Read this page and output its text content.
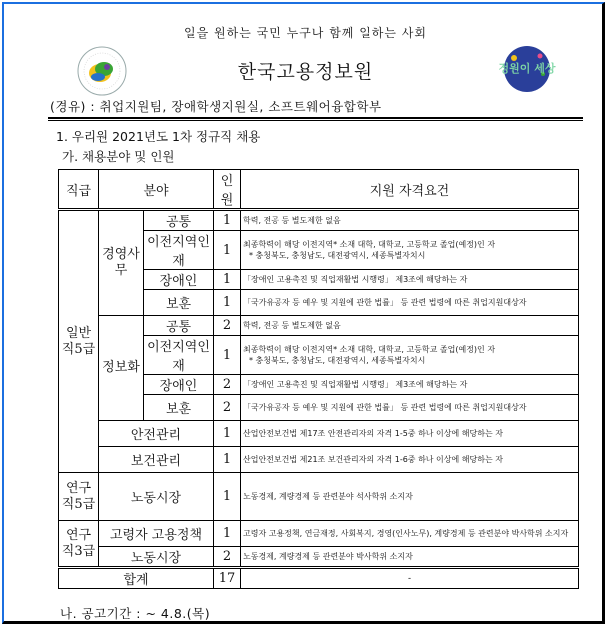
일을 원하는 국민 누구나 함께 일하는 사회
한국고용정보원	정원이 세상
(경유) : 취업지원팀, 장애학생지원실, 소프트웨어융합학부
1. 우리원 2021년도 1차 정규직 채용
가. 채용분야 및 인원
직급	분야		인원	지원 자격요건
일반직5급	경영사무	공통	1	학력, 전공 등 별도제한 없음
		이전지역인재	1	최종학력이 해당 이전지역* 소재 대학, 대학교, 고등학교 졸업(예정)인 자
* 충청북도, 충청남도, 대전광역시, 세종특별자치시

		장애인	1	「장애인 고용촉진 및 직업재활법 시행령」 제3조에 해당하는 자
		보훈	1	「국가유공자 등 예우 및 지원에 관한 법률」 등 관련 법령에 따른 취업지원대상자
	정보화	공통	2	학력, 전공 등 별도제한 없음
		이전지역인재	1	최종학력이 해당 이전지역* 소재 대학, 대학교, 고등학교 졸업(예정)인 자
* 충청북도, 충청남도, 대전광역시, 세종특별자치시

		장애인	2	「장애인 고용촉진 및 직업재활법 시행령」 제3조에 해당하는 자
		보훈	2	「국가유공자 등 예우 및 지원에 관한 법률」 등 관련 법령에 따른 취업지원대상자
	안전관리		1	산업안전보건법 제17조 안전관리자의 자격 1-5중 하나 이상에 해당하는 자
	보건관리		1	산업안전보건법 제21조 보건관리자의 자격 1-6중 하나 이상에 해당하는 자
연구직5급	노동시장		1	노동경제, 계량경제 등 관련분야 석사학위 소지자
연구직3급	고령자 고용정책		1	고령자 고용정책, 연금재정, 사회복지, 경영(인사노무), 계량경제 등 관련분야 박사학위 소지자
	노동시장		2	노동경제, 계량경제 등 관련분야 박사학위 소지자
합계			17	-
나. 공고기간 : ~ 4.8.(목)
